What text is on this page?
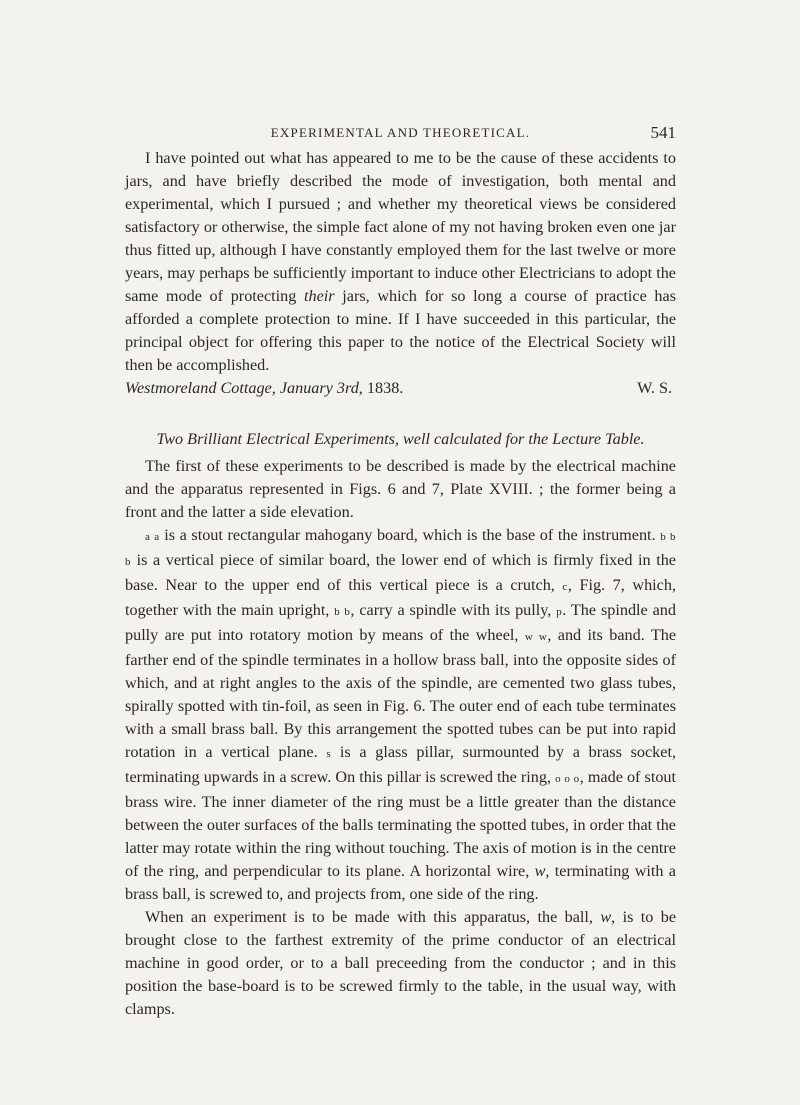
EXPERIMENTAL AND THEORETICAL.	541

I have pointed out what has appeared to me to be the cause of these accidents to jars, and have briefly described the mode of investigation, both mental and experimental, which I pursued ; and whether my theoretical views be considered satisfactory or otherwise, the simple fact alone of my not having broken even one jar thus fitted up, although I have constantly employed them for the last twelve or more years, may perhaps be sufficiently important to induce other Electricians to adopt the same mode of protecting their jars, which for so long a course of practice has afforded a complete protection to mine. If I have succeeded in this particular, the principal object for offering this paper to the notice of the Electrical Society will then be accomplished.

Westmoreland Cottage, January 3rd, 1838.	W. S.
Two Brilliant Electrical Experiments, well calculated for the Lecture Table.

The first of these experiments to be described is made by the electrical machine and the apparatus represented in Figs. 6 and 7, Plate XVIII. ; the former being a front and the latter a side elevation.

a a is a stout rectangular mahogany board, which is the base of the instrument. b b b is a vertical piece of similar board, the lower end of which is firmly fixed in the base. Near to the upper end of this vertical piece is a crutch, c, Fig. 7, which, together with the main upright, b b, carry a spindle with its pully, p. The spindle and pully are put into rotatory motion by means of the wheel, w w, and its band. The farther end of the spindle terminates in a hollow brass ball, into the opposite sides of which, and at right angles to the axis of the spindle, are cemented two glass tubes, spirally spotted with tin-foil, as seen in Fig. 6. The outer end of each tube terminates with a small brass ball. By this arrangement the spotted tubes can be put into rapid rotation in a vertical plane. s is a glass pillar, surmounted by a brass socket, terminating upwards in a screw. On this pillar is screwed the ring, o o o, made of stout brass wire. The inner diameter of the ring must be a little greater than the distance between the outer surfaces of the balls terminating the spotted tubes, in order that the latter may rotate within the ring without touching. The axis of motion is in the centre of the ring, and perpendicular to its plane. A horizontal wire, w, terminating with a brass ball, is screwed to, and projects from, one side of the ring.

When an experiment is to be made with this apparatus, the ball, w, is to be brought close to the farthest extremity of the prime conductor of an electrical machine in good order, or to a ball preceeding from the conductor ; and in this position the base-board is to be screwed firmly to the table, in the usual way, with clamps.
